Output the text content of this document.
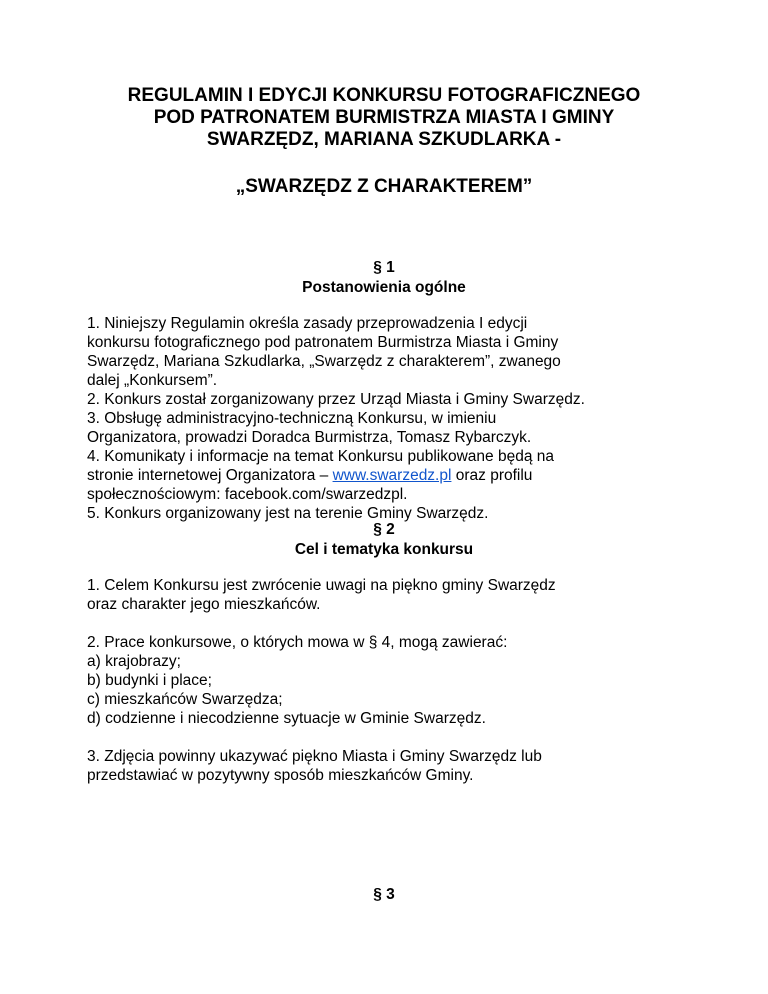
REGULAMIN I EDYCJI KONKURSU FOTOGRAFICZNEGO
POD PATRONATEM BURMISTRZA MIASTA I GMINY
SWARZĘDZ, MARIANA SZKUDLARKA -
„SWARZĘDZ Z CHARAKTEREM”
§ 1
Postanowienia ogólne

1. Niniejszy Regulamin określa zasady przeprowadzenia I edycji

konkursu fotograficznego pod patronatem Burmistrza Miasta i Gminy

Swarzędz, Mariana Szkudlarka, „Swarzędz z charakterem”, zwanego

dalej „Konkursem”.

2. Konkurs został zorganizowany przez Urząd Miasta i Gminy Swarzędz.

3. Obsługę administracyjno-techniczną Konkursu, w imieniu

Organizatora, prowadzi Doradca Burmistrza, Tomasz Rybarczyk.

4. Komunikaty i informacje na temat Konkursu publikowane będą na

stronie internetowej Organizatora – www.swarzedz.pl oraz profilu

społecznościowym: facebook.com/swarzedzpl.

5. Konkurs organizowany jest na terenie Gminy Swarzędz.

§ 2
Cel i tematyka konkursu

1. Celem Konkursu jest zwrócenie uwagi na piękno gminy Swarzędz

oraz charakter jego mieszkańców.

2. Prace konkursowe, o których mowa w § 4, mogą zawierać:

a) krajobrazy;

b) budynki i place;

c) mieszkańców Swarzędza;

d) codzienne i niecodzienne sytuacje w Gminie Swarzędz.

3. Zdjęcia powinny ukazywać piękno Miasta i Gminy Swarzędz lub

przedstawiać w pozytywny sposób mieszkańców Gminy.

§ 3
